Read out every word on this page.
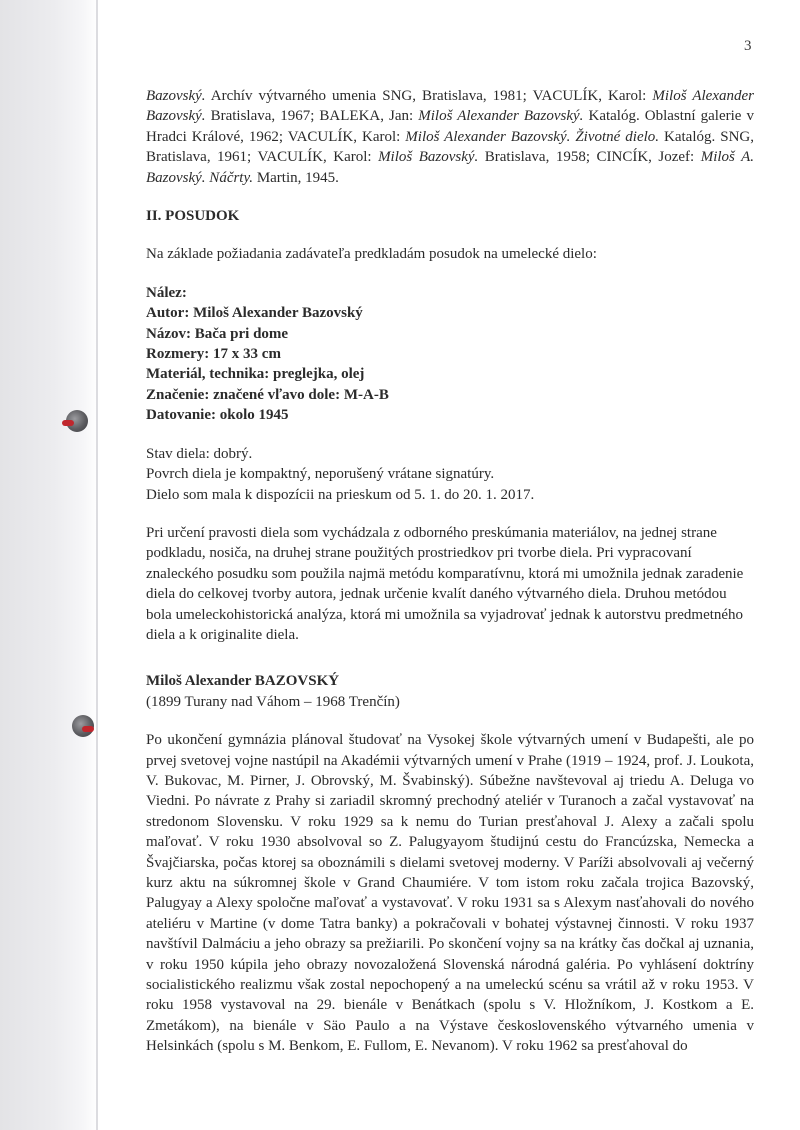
3

Bazovský. Archív výtvarného umenia SNG, Bratislava, 1981; VACULÍK, Karol: Miloš Alexander Bazovský. Bratislava, 1967; BALEKA, Jan: Miloš Alexander Bazovský. Katalóg. Oblastní galerie v Hradci Králové, 1962; VACULÍK, Karol: Miloš Alexander Bazovský. Životné dielo. Katalóg. SNG, Bratislava, 1961; VACULÍK, Karol: Miloš Bazovský. Bratislava, 1958; CINCÍK, Jozef: Miloš A. Bazovský. Náčrty. Martin, 1945.

II. POSUDOK

Na základe požiadania zadávateľa predkladám posudok na umelecké dielo:

Nález:

Autor: Miloš Alexander Bazovský

Názov: Bača pri dome

Rozmery: 17 x 33 cm

Materiál, technika: preglejka, olej

Značenie: značené vľavo dole: M-A-B

Datovanie: okolo 1945

Stav diela: dobrý.

Povrch diela je kompaktný, neporušený vrátane signatúry.

Dielo som mala k dispozícii na prieskum od 5. 1. do 20. 1. 2017.

Pri určení pravosti diela som vychádzala z odborného preskúmania materiálov, na jednej strane podkladu, nosiča, na druhej strane použitých prostriedkov pri tvorbe diela. Pri vypracovaní znaleckého posudku som použila najmä metódu komparatívnu, ktorá mi umožnila jednak zaradenie diela do celkovej tvorby autora, jednak určenie kvalít daného výtvarného diela. Druhou metódou bola umeleckohistorická analýza, ktorá mi umožnila sa vyjadrovať jednak k autorstvu predmetného diela a k originalite diela.

Miloš Alexander BAZOVSKÝ

(1899 Turany nad Váhom – 1968 Trenčín)

Po ukončení gymnázia plánoval študovať na Vysokej škole výtvarných umení v Budapešti, ale po prvej svetovej vojne nastúpil na Akadémii výtvarných umení v Prahe (1919 – 1924, prof. J. Loukota, V. Bukovac, M. Pirner, J. Obrovský, M. Švabinský). Súbežne navštevoval aj triedu A. Deluga vo Viedni. Po návrate z Prahy si zariadil skromný prechodný ateliér v Turanoch a začal vystavovať na stredonom Slovensku. V roku 1929 sa k nemu do Turian presťahoval J. Alexy a začali spolu maľovať. V roku 1930 absolvoval so Z. Palugyayom študijnú cestu do Francúzska, Nemecka a Švajčiarska, počas ktorej sa oboznámili s dielami svetovej moderny. V Paríži absolvovali aj večerný kurz aktu na súkromnej škole v Grand Chaumiére. V tom istom roku začala trojica Bazovský, Palugyay a Alexy spoločne maľovať a vystavovať. V roku 1931 sa s Alexym nasťahovali do nového ateliéru v Martine (v dome Tatra banky) a pokračovali v bohatej výstavnej činnosti. V roku 1937 navštívil Dalmáciu a jeho obrazy sa prežiarili. Po skončení vojny sa na krátky čas dočkal aj uznania, v roku 1950 kúpila jeho obrazy novozaložená Slovenská národná galéria. Po vyhlásení doktríny socialistického realizmu však zostal nepochopený a na umeleckú scénu sa vrátil až v roku 1953. V roku 1958 vystavoval na 29. bienále v Benátkach (spolu s V. Hložníkom, J. Kostkom a E. Zmetákom), na bienále v Säo Paulo a na Výstave československého výtvarného umenia v Helsinkách (spolu s M. Benkom, E. Fullom, E. Nevanom). V roku 1962 sa presťahoval do
